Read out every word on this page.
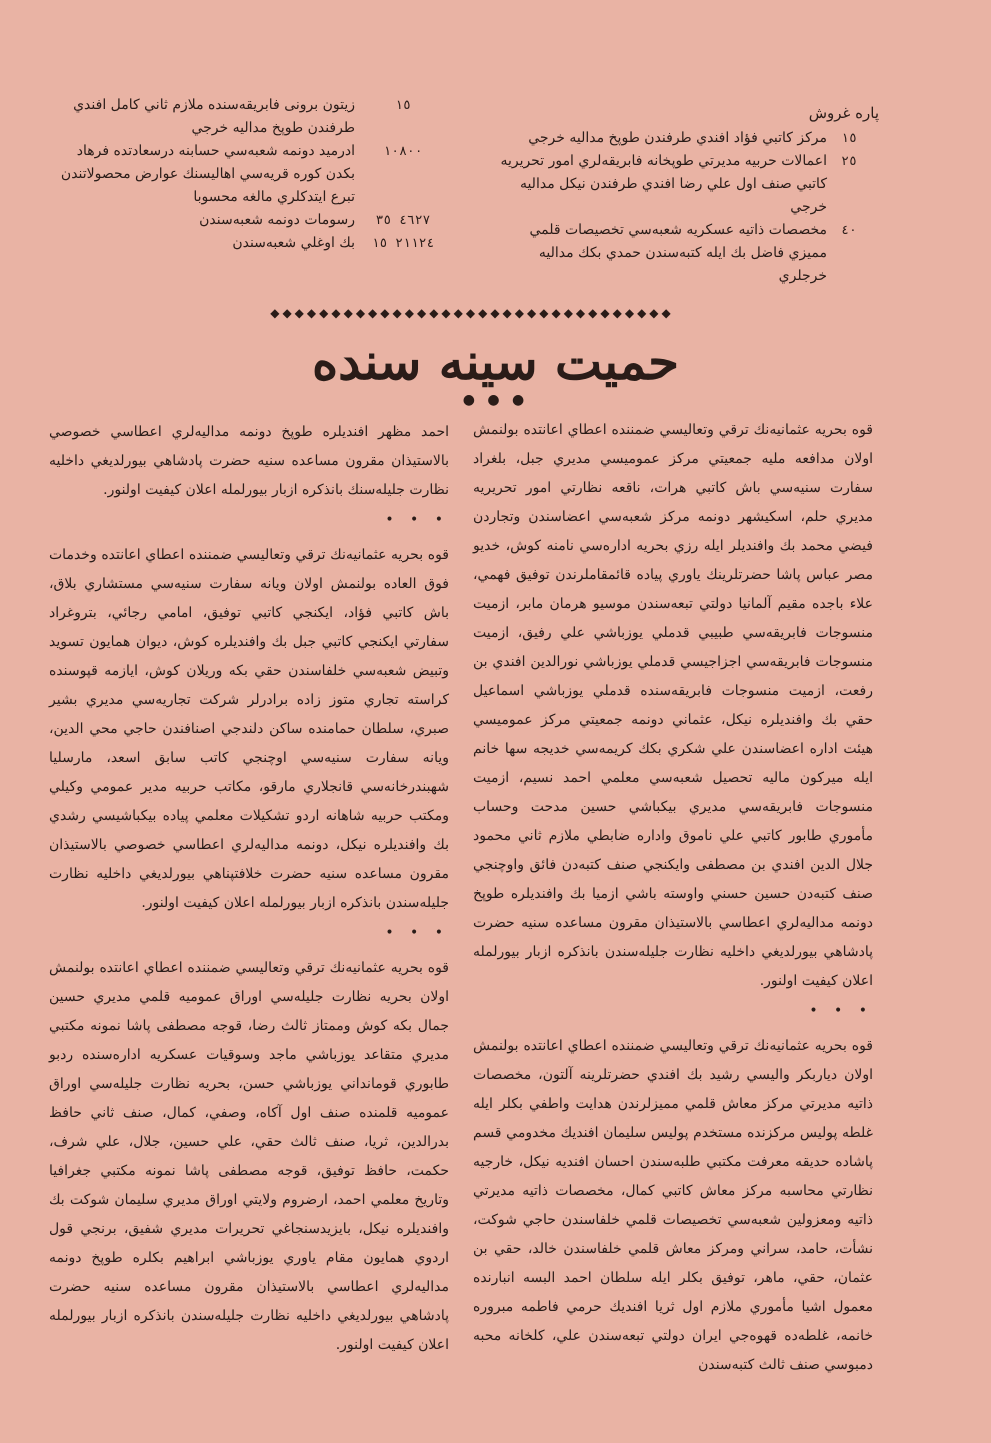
پاره غروش
١٥
مركز كاتبي فؤاد افندي طرفندن طوپخ مداليه خرجي
٢٥
اعمالات حربيه مديرتي طوپخانه فابريقه‌لري امور تحريريه كاتبي صنف اول علي رضا افندي طرفندن نيكل مداليه خرجي
٤٠
مخصصات ذاتيه عسكريه شعبه‌سي تخصيصات قلمي مميزي فاضل بك ايله كتبه‌سندن حمدي بكك مداليه خرجلري
١٥
زيتون برونى فابريقه‌سنده ملازم ثاني كامل افندي طرفندن طوپخ مداليه خرجي
١٠٨٠٠
ادرميد دونمه شعبه‌سي حسابنه درسعادتده فرهاد بكدن كوره قريه‌سي اهاليسنك عوارض محصولاتندن تبرع ايتدكلري مالغه محسوبا
٤٦٢٧ ٣٥
رسومات دونمه شعبه‌سندن
٢١١٢٤ ١٥
بك اوغلي شعبه‌سندن
◆◆◆◆◆◆◆◆◆◆◆◆◆◆◆◆◆◆◆◆◆◆◆◆◆◆◆◆◆◆◆◆◆
حميت سينه سنده
● ● ●

قوه بحريه عثمانيه‌نك ترقي وتعاليسي ضمننده اعطاي اعانتده بولنمش اولان مدافعه مليه جمعيتي مركز عموميسي مديري جبل، بلغراد سفارت سنيه‌سي باش كاتبي هرات، ناقعه نظارتي امور تحريريه مديري حلم، اسكيشهر دونمه مركز شعبه‌سي اعضاسندن وتجاردن فيضي محمد بك وافنديلر ايله رزي بحريه اداره‌سي نامنه كوش، خديو مصر عباس پاشا حضرتلرينك ياوري پياده قائمقاملرندن توفيق فهمي، علاء باجده مقيم آلمانيا دولتي تبعه‌سندن موسيو هرمان مابر، ازميت منسوجات فابريقه‌سي طبيبي قدملي يوزباشي علي رفيق، ازميت منسوجات فابريقه‌سي اجزاجيسي قدملي يوزباشي نورالدين افندي بن رفعت، ازميت منسوجات فابريقه‌سنده قدملي يوزباشي اسماعيل حقي بك وافنديلره نيكل، عثماني دونمه جمعيتي مركز عموميسي هيئت اداره اعضاسندن علي شكري بكك كريمه‌سي خديجه سها خانم ايله ميركون ماليه تحصيل شعبه‌سي معلمي احمد نسيم، ازميت منسوجات فابريقه‌سي مديري بيكباشي حسين مدحت وحساب مأموري طابور كاتبي علي ناموق واداره ضابطي ملازم ثاني محمود جلال الدين افندي بن مصطفى وايكنجي صنف كتبه‌دن فائق واوچنجي صنف كتبه‌دن حسين حسني واوسته باشي ازميا بك وافنديلره طوپخ دونمه مداليه‌لري اعطاسي بالاستيذان مقرون مساعده سنيه حضرت پادشاهي بيورلديغي داخليه نظارت جليله‌سندن بانذكره ازبار بيورلمله اعلان كيفيت اولنور.

• • •

قوه بحريه عثمانيه‌نك ترقي وتعاليسي ضمننده اعطاي اعانتده بولنمش اولان دياربكر واليسي رشيد بك افندي حضرتلرينه آلتون، مخصصات ذاتيه مديرتي مركز معاش قلمي مميزلرندن هدايت واطفي بكلر ايله غلطه پوليس مركزنده مستخدم پوليس سليمان افنديك مخدومي قسم پاشاده حديقه معرفت مكتبي طلبه‌سندن احسان افنديه نيكل، خارجيه نظارتي محاسبه مركز معاش كاتبي كمال، مخصصات ذاتيه مديرتي ذاتيه ومعزولين شعبه‌سي تخصيصات قلمي خلفاسندن حاجي شوكت، نشأت، حامد، سراني ومركز معاش قلمي خلفاسندن خالد، حقي بن عثمان، حقي، ماهر، توفيق بكلر ايله سلطان احمد البسه انبارنده معمول اشيا مأموري ملازم اول ثريا افنديك حرمي فاطمه مبروره خانمه، غلطه‌ده قهوه‌جي ايران دولتي تبعه‌سندن علي، كلخانه محبه دمبوسي صنف ثالث كتبه‌سندن

احمد مظهر افنديلره طوپخ دونمه مداليه‌لري اعطاسي خصوصي بالاستيذان مقرون مساعده سنيه حضرت پادشاهي بيورلديغي داخليه نظارت جليله‌سنك بانذكره ازبار بيورلمله اعلان كيفيت اولنور.

• • •

قوه بحريه عثمانيه‌نك ترقي وتعاليسي ضمننده اعطاي اعانتده وخدمات فوق العاده بولنمش اولان ويانه سفارت سنيه‌سي مستشاري بلاق، باش كاتبي فؤاد، ايكنجي كاتبي توفيق، امامي رجائي، بتروغراد سفارتي ايكنجي كاتبي جبل بك وافنديلره كوش، ديوان همايون تسويد وتبيض شعبه‌سي خلفاسندن حقي بكه وريلان كوش، ايازمه قپوسنده كراسته تجاري متوز زاده برادرلر شركت تجاريه‌سي مديري بشير صبري، سلطان حمامنده ساكن دلندجي اصنافندن حاجي محي الدين، ويانه سفارت سنيه‌سي اوچنجي كاتب سابق اسعد، مارسليا شهبندرخانه‌سي قانجلاري مارقو، مكاتب حربيه مدير عمومي وكيلي ومكتب حربيه شاهانه اردو تشكيلات معلمي پياده بيكباشيسي رشدي بك وافنديلره نيكل، دونمه مداليه‌لري اعطاسي خصوصي بالاستيذان مقرون مساعده سنيه حضرت خلافتپناهي بيورلديغي داخليه نظارت جليله‌سندن بانذكره ازبار بيورلمله اعلان كيفيت اولنور.

• • •

قوه بحريه عثمانيه‌نك ترقي وتعاليسي ضمننده اعطاي اعانتده بولنمش اولان بحريه نظارت جليله‌سي اوراق عموميه قلمي مديري حسين جمال بكه كوش وممتاز ثالث رضا، قوجه مصطفى پاشا نمونه مكتبي مديري متقاعد يوزباشي ماجد وسوقيات عسكريه اداره‌سنده ردبو طابوري قومانداني يوزباشي حسن، بحريه نظارت جليله‌سي اوراق عموميه قلمنده صنف اول آكاه، وصفي، كمال، صنف ثاني حافظ بدرالدين، ثريا، صنف ثالث حقي، علي حسين، جلال، علي شرف، حكمت، حافظ توفيق، قوجه مصطفى پاشا نمونه مكتبي جغرافيا وتاريخ معلمي احمد، ارضروم ولايتي اوراق مديري سليمان شوكت بك وافنديلره نيكل، بايزيدسنجاغي تحريرات مديري شفيق، برنجي قول اردوي همايون مقام ياوري يوزباشي ابراهيم بكلره طوپخ دونمه مداليه‌لري اعطاسي بالاستيذان مقرون مساعده سنيه حضرت پادشاهي بيورلديغي داخليه نظارت جليله‌سندن بانذكره ازبار بيورلمله اعلان كيفيت اولنور.
